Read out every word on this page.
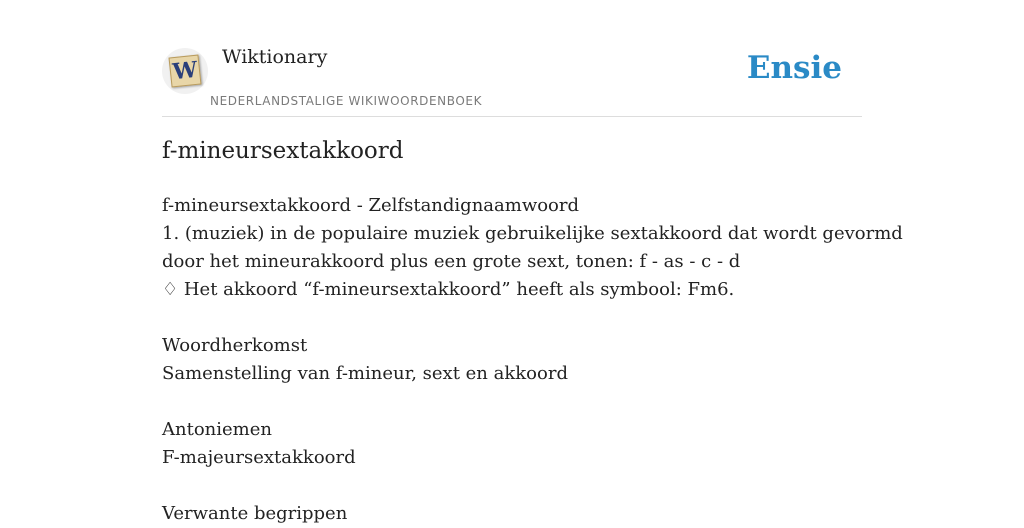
W Wiktionary
NEDERLANDSTALIGE WIKIWOORDENBOEK
Ensie
f-mineursextakkoord
f-mineursextakkoord - Zelfstandignaamwoord
1. (muziek) in de populaire muziek gebruikelijke sextakkoord dat wordt gevormd
door het mineurakkoord plus een grote sext, tonen: f - as - c - d
♢ Het akkoord “f-mineursextakkoord” heeft als symbool: Fm6.
Woordherkomst
Samenstelling van f-mineur, sext en akkoord
Antoniemen
F-majeursextakkoord
Verwante begrippen
